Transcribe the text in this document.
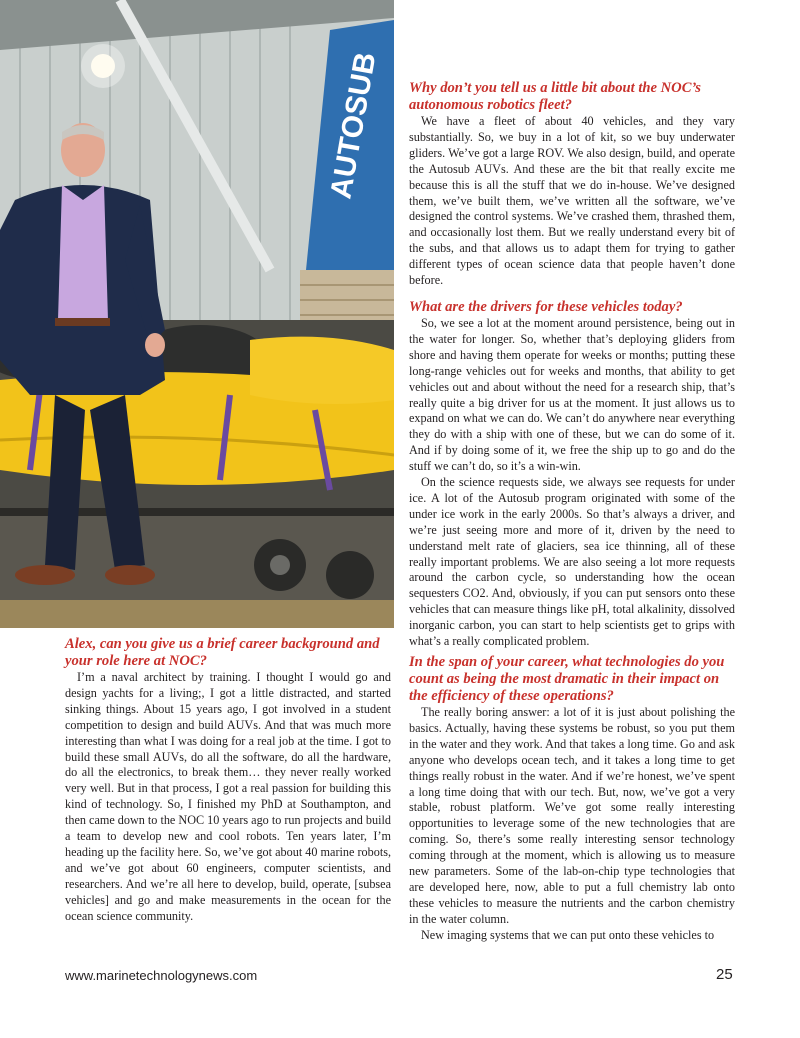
AUTOSUB Why don’t you tell us a little bit about the NOC’s autonomous robotics fleet?

We have a fleet of about 40 vehicles, and they vary substantially. So, we buy in a lot of kit, so we buy underwater gliders. We’ve got a large ROV. We also design, build, and operate the Autosub AUVs. And these are the bit that really excite me because this is all the stuff that we do in-house. We’ve designed them, we’ve built them, we’ve written all the software, we’ve designed the control systems. We’ve crashed them, thrashed them, and occasionally lost them. But we really understand every bit of the subs, and that allows us to adapt them for trying to gather different types of ocean science data that people haven’t done before.

What are the drivers for these vehicles today?

So, we see a lot at the moment around persistence, being out in the water for longer. So, whether that’s deploying gliders from shore and having them operate for weeks or months; putting these long-range vehicles out for weeks and months, that ability to get vehicles out and about without the need for a research ship, that’s really quite a big driver for us at the moment. It just allows us to expand on what we can do. We can’t do anywhere near everything they do with a ship with one of these, but we can do some of it. And if by doing some of it, we free the ship up to go and do the stuff we can’t do, so it’s a win-win.

On the science requests side, we always see requests for under ice. A lot of the Autosub program originated with some of the under ice work in the early 2000s. So that’s always a driver, and we’re just seeing more and more of it, driven by the need to understand melt rate of glaciers, sea ice thinning, all of these really important problems. We are also seeing a lot more requests around the carbon cycle, so understanding how the ocean sequesters CO2. And, obviously, if you can put sensors onto these vehicles that can measure things like pH, total alkalinity, dissolved inorganic carbon, you can start to help scientists get to grips with what’s a really complicated problem.

Alex, can you give us a brief career background and your role here at NOC?

I’m a naval architect by training. I thought I would go and design yachts for a living;, I got a little distracted, and started sinking things. About 15 years ago, I got involved in a student competition to design and build AUVs. And that was much more interesting than what I was doing for a real job at the time. I got to build these small AUVs, do all the software, do all the hardware, do all the electronics, to break them… they never really worked very well. But in that process, I got a real passion for building this kind of technology. So, I finished my PhD at Southampton, and then came down to the NOC 10 years ago to run projects and build a team to develop new and cool robots. Ten years later, I’m heading up the facility here. So, we’ve got about 40 marine robots, and we’ve got about 60 engineers, computer scientists, and researchers. And we’re all here to develop, build, operate, [subsea vehicles] and go and make measurements in the ocean for the ocean science community.

In the span of your career, what technologies do you count as being the most dramatic in their impact on the efficiency of these operations?

The really boring answer: a lot of it is just about polishing the basics. Actually, having these systems be robust, so you put them in the water and they work. And that takes a long time. Go and ask anyone who develops ocean tech, and it takes a long time to get things really robust in the water. And if we’re honest, we’ve spent a long time doing that with our tech. But, now, we’ve got a very stable, robust platform. We’ve got some really interesting opportunities to leverage some of the new technologies that are coming. So, there’s some really interesting sensor technology coming through at the moment, which is allowing us to measure new parameters. Some of the lab-on-chip type technologies that are developed here, now, able to put a full chemistry lab onto these vehicles to measure the nutrients and the carbon chemistry in the water column.

New imaging systems that we can put onto these vehicles to

www.marinetechnologynews.com	25
